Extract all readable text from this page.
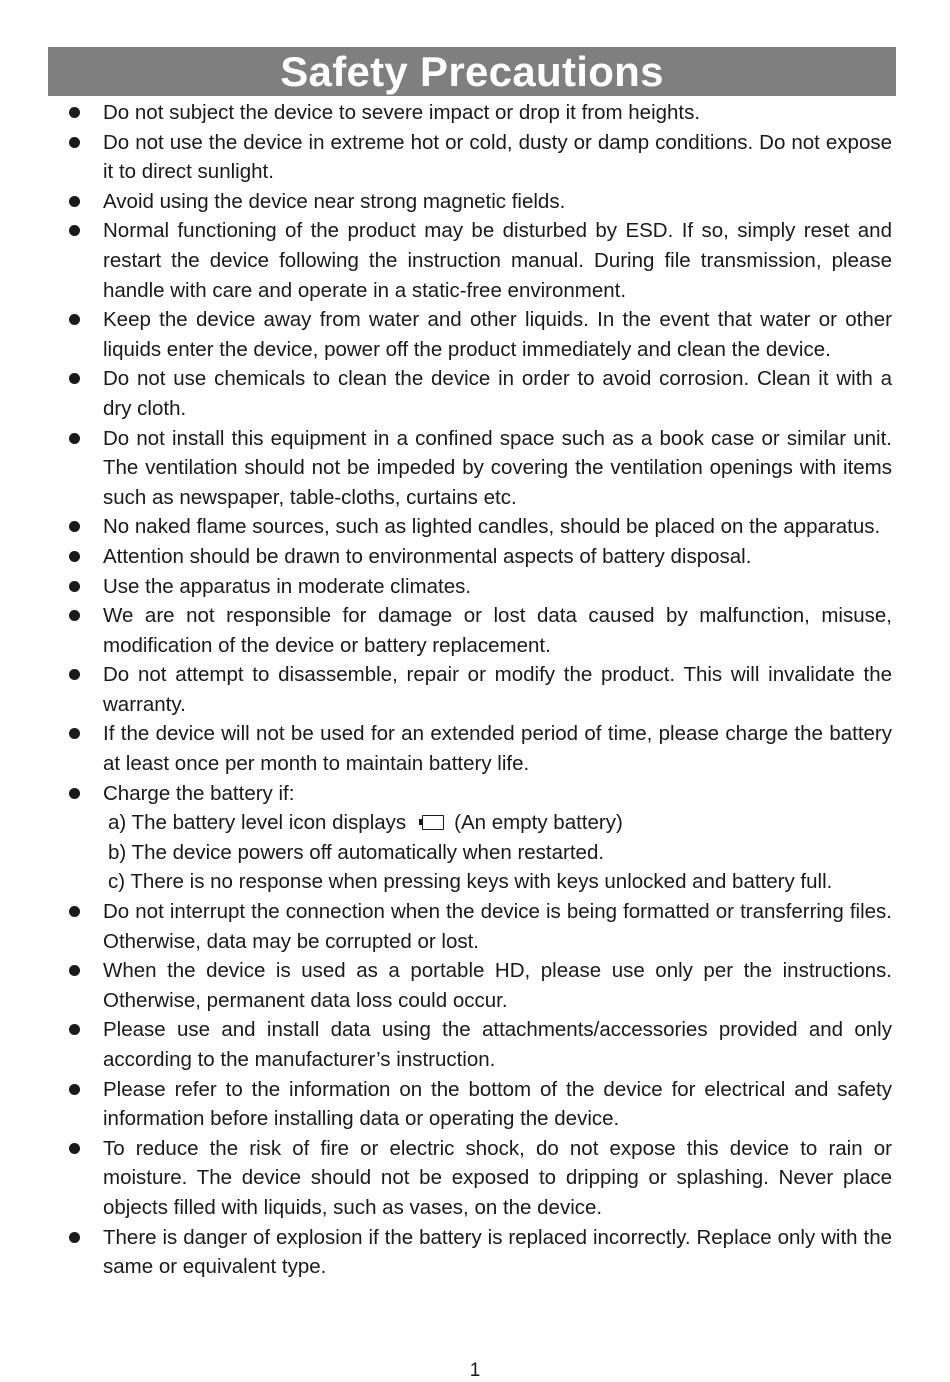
Safety Precautions
Do not subject the device to severe impact or drop it from heights.
Do not use the device in extreme hot or cold, dusty or damp conditions. Do not expose it to direct sunlight.
Avoid using the device near strong magnetic fields.
Normal functioning of the product may be disturbed by ESD. If so, simply reset and restart the device following the instruction manual. During file transmission, please handle with care and operate in a static-free environment.
Keep the device away from water and other liquids. In the event that water or other liquids enter the device, power off the product immediately and clean the device.
Do not use chemicals to clean the device in order to avoid corrosion. Clean it with a dry cloth.
Do not install this equipment in a confined space such as a book case or similar unit. The ventilation should not be impeded by covering the ventilation openings with items such as newspaper, table-cloths, curtains etc.
No naked flame sources, such as lighted candles, should be placed on the apparatus.
Attention should be drawn to environmental aspects of battery disposal.
Use the apparatus in moderate climates.
We are not responsible for damage or lost data caused by malfunction, misuse, modification of the device or battery replacement.
Do not attempt to disassemble, repair or modify the product. This will invalidate the warranty.
If the device will not be used for an extended period of time, please charge the battery at least once per month to maintain battery life.
Charge the battery if:
a) The battery level icon displays (An empty battery)
b) The device powers off automatically when restarted.
c) There is no response when pressing keys with keys unlocked and battery full.
Do not interrupt the connection when the device is being formatted or transferring files. Otherwise, data may be corrupted or lost.
When the device is used as a portable HD, please use only per the instructions. Otherwise, permanent data loss could occur.
Please use and install data using the attachments/accessories provided and only according to the manufacturer’s instruction.
Please refer to the information on the bottom of the device for electrical and safety information before installing data or operating the device.
To reduce the risk of fire or electric shock, do not expose this device to rain or moisture. The device should not be exposed to dripping or splashing. Never place objects filled with liquids, such as vases, on the device.
There is danger of explosion if the battery is replaced incorrectly. Replace only with the same or equivalent type.
1
